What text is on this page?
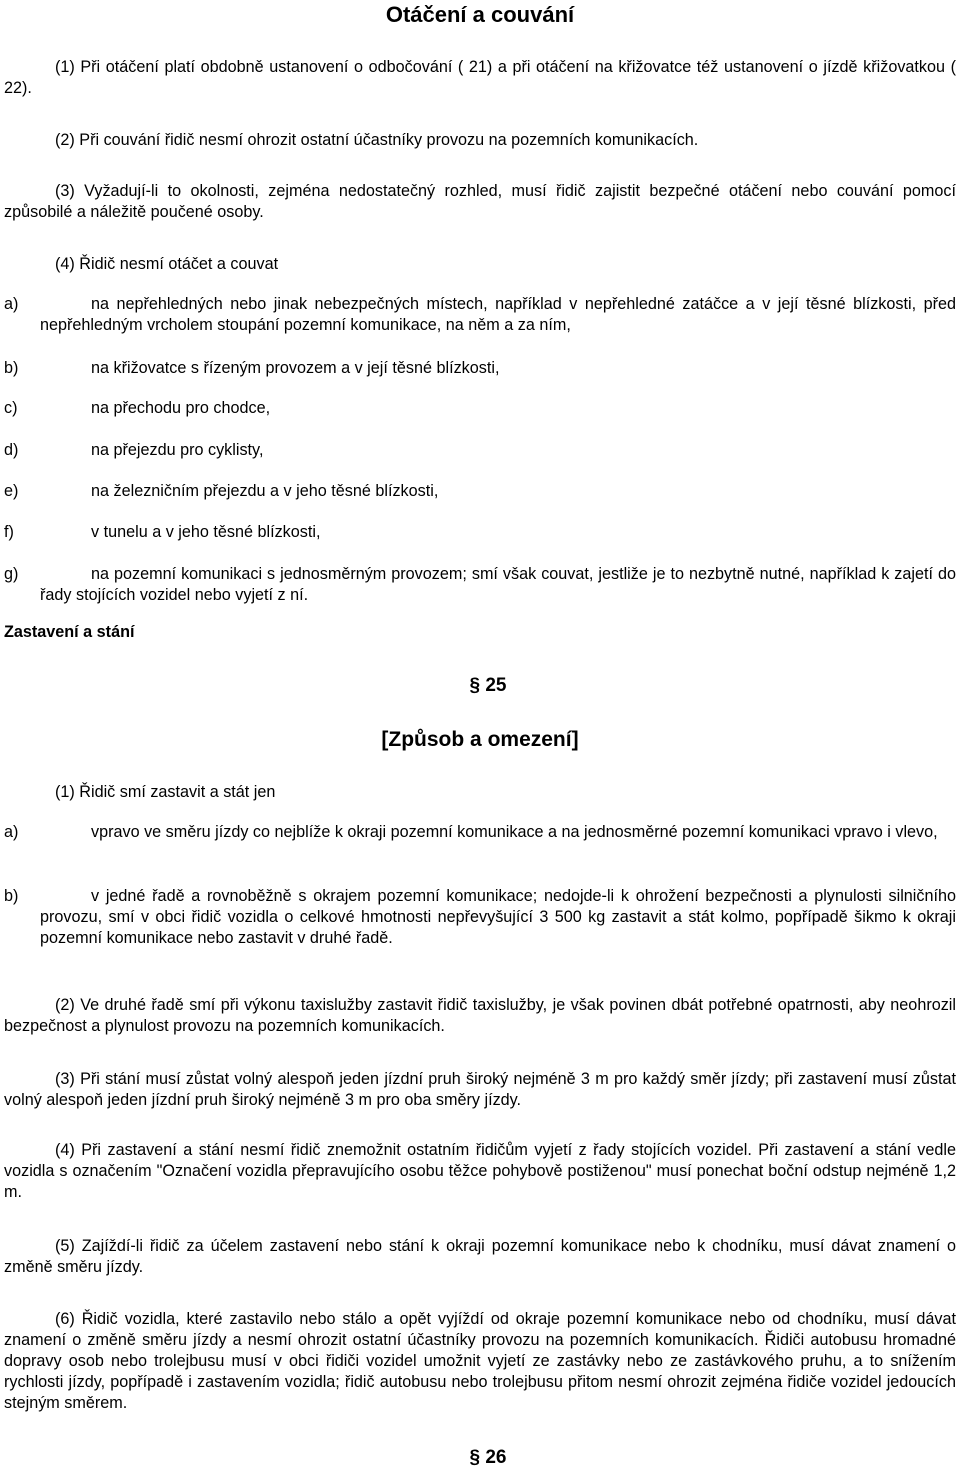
Otáčení a couvání

(1) Při otáčení platí obdobně ustanovení o odbočování ( 21) a při otáčení na křižovatce též ustanovení o jízdě křižovatkou ( 22).

(2) Při couvání řidič nesmí ohrozit ostatní účastníky provozu na pozemních komunikacích.

(3) Vyžadují-li to okolnosti, zejména nedostatečný rozhled, musí řidič zajistit bezpečné otáčení nebo couvání pomocí způsobilé a náležitě poučené osoby.

(4) Řidič nesmí otáčet a couvat

a)	na nepřehledných nebo jinak nebezpečných místech, například v nepřehledné zatáčce a v její těsné blízkosti, před nepřehledným vrcholem stoupání pozemní komunikace, na něm a za ním,
b)	na křižovatce s řízeným provozem a v její těsné blízkosti,
c)	na přechodu pro chodce,
d)	na přejezdu pro cyklisty,
e)	na železničním přejezdu a v jeho těsné blízkosti,
f)	v tunelu a v jeho těsné blízkosti,
g)	na pozemní komunikaci s jednosměrným provozem; smí však couvat, jestliže je to nezbytně nutné, například k zajetí do řady stojících vozidel nebo vyjetí z ní.
Zastavení a stání
§ 25
[Způsob a omezení]

(1) Řidič smí zastavit a stát jen

a)	vpravo ve směru jízdy co nejblíže k okraji pozemní komunikace a na jednosměrné pozemní komunikaci vpravo i vlevo,
b)	v jedné řadě a rovnoběžně s okrajem pozemní komunikace; nedojde-li k ohrožení bezpečnosti a plynulosti silničního provozu, smí v obci řidič vozidla o celkové hmotnosti nepřevyšující 3 500 kg zastavit a stát kolmo, popřípadě šikmo k okraji pozemní komunikace nebo zastavit v druhé řadě.

(2) Ve druhé řadě smí při výkonu taxislužby zastavit řidič taxislužby, je však povinen dbát potřebné opatrnosti, aby neohrozil bezpečnost a plynulost provozu na pozemních komunikacích.

(3) Při stání musí zůstat volný alespoň jeden jízdní pruh široký nejméně 3 m pro každý směr jízdy; při zastavení musí zůstat volný alespoň jeden jízdní pruh široký nejméně 3 m pro oba směry jízdy.

(4) Při zastavení a stání nesmí řidič znemožnit ostatním řidičům vyjetí z řady stojících vozidel. Při zastavení a stání vedle vozidla s označením "Označení vozidla přepravujícího osobu těžce pohybově postiženou" musí ponechat boční odstup nejméně 1,2 m.

(5) Zajíždí-li řidič za účelem zastavení nebo stání k okraji pozemní komunikace nebo k chodníku, musí dávat znamení o změně směru jízdy.

(6) Řidič vozidla, které zastavilo nebo stálo a opět vyjíždí od okraje pozemní komunikace nebo od chodníku, musí dávat znamení o změně směru jízdy a nesmí ohrozit ostatní účastníky provozu na pozemních komunikacích. Řidiči autobusu hromadné dopravy osob nebo trolejbusu musí v obci řidiči vozidel umožnit vyjetí ze zastávky nebo ze zastávkového pruhu, a to snížením rychlosti jízdy, popřípadě i zastavením vozidla; řidič autobusu nebo trolejbusu přitom nesmí ohrozit zejména řidiče vozidel jedoucích stejným směrem.

§ 26
